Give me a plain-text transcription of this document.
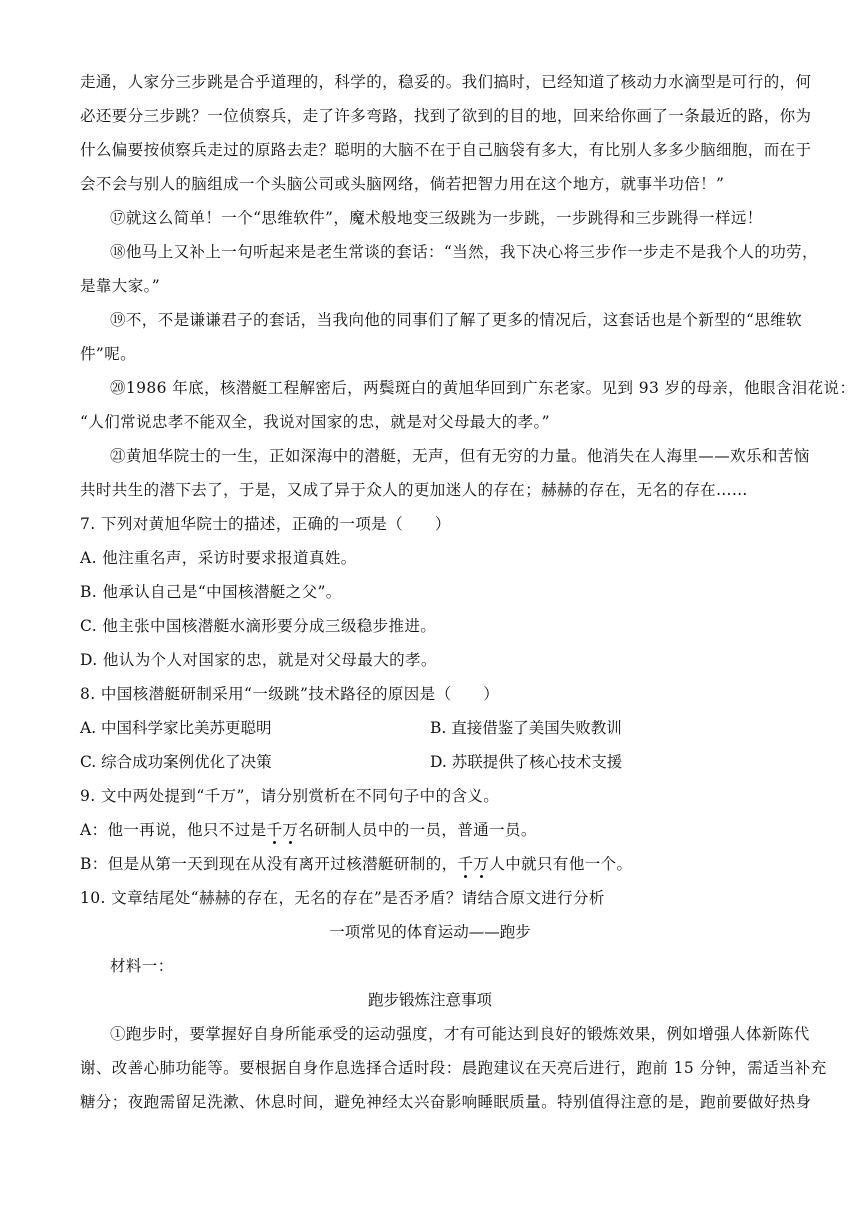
走通，人家分三步跳是合乎道理的，科学的，稳妥的。我们搞时，已经知道了核动力水滴型是可行的，何
必还要分三步跳？一位侦察兵，走了许多弯路，找到了欲到的目的地，回来给你画了一条最近的路，你为
什么偏要按侦察兵走过的原路去走？聪明的大脑不在于自己脑袋有多大，有比别人多多少脑细胞，而在于
会不会与别人的脑组成一个头脑公司或头脑网络，倘若把智力用在这个地方，就事半功倍！”
⑰就这么简单！一个“思维软件”，魔术般地变三级跳为一步跳，一步跳得和三步跳得一样远！
⑱他马上又补上一句听起来是老生常谈的套话：“当然，我下决心将三步作一步走不是我个人的功劳，
是靠大家。”
⑲不，不是谦谦君子的套话，当我向他的同事们了解了更多的情况后，这套话也是个新型的“思维软
件”呢。
⑳1986 年底，核潜艇工程解密后，两鬓斑白的黄旭华回到广东老家。见到 93 岁的母亲，他眼含泪花说：
“人们常说忠孝不能双全，我说对国家的忠，就是对父母最大的孝。”
㉑黄旭华院士的一生，正如深海中的潜艇，无声，但有无穷的力量。他消失在人海里——欢乐和苦恼
共时共生的潜下去了，于是，又成了异于众人的更加迷人的存在；赫赫的存在，无名的存在……
7. 下列对黄旭华院士的描述，正确的一项是（　　）
A. 他注重名声，采访时要求报道真姓。
B. 他承认自己是“中国核潜艇之父”。
C. 他主张中国核潜艇水滴形要分成三级稳步推进。
D. 他认为个人对国家的忠，就是对父母最大的孝。
8. 中国核潜艇研制采用“一级跳”技术路径的原因是（　　）
A. 中国科学家比美苏更聪明	B. 直接借鉴了美国失败教训
C. 综合成功案例优化了决策	D. 苏联提供了核心技术支援
9. 文中两处提到“千万”，请分别赏析在不同句子中的含义。
A：他一再说，他只不过是千万名研制人员中的一员，普通一员。
B：但是从第一天到现在从没有离开过核潜艇研制的，千万人中就只有他一个。
10. 文章结尾处“赫赫的存在，无名的存在”是否矛盾？请结合原文进行分析
一项常见的体育运动——跑步
材料一：
跑步锻炼注意事项
①跑步时，要掌握好自身所能承受的运动强度，才有可能达到良好的锻炼效果，例如增强人体新陈代
谢、改善心肺功能等。要根据自身作息选择合适时段：晨跑建议在天亮后进行，跑前 15 分钟，需适当补充
糖分；夜跑需留足洗漱、休息时间，避免神经太兴奋影响睡眠质量。特别值得注意的是，跑前要做好热身
